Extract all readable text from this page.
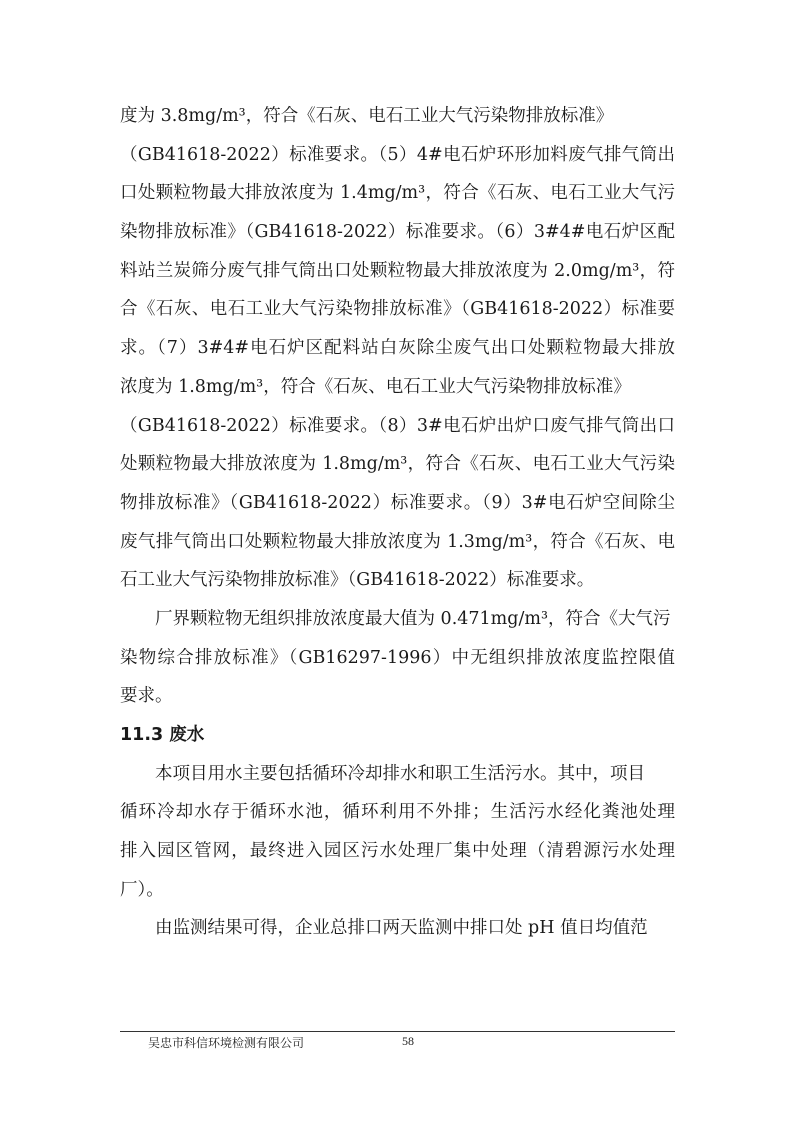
度为 3.8mg/m³，符合《石灰、电石工业大气污染物排放标准》
（GB41618-2022）标准要求。（5）4#电石炉环形加料废气排气筒出
口处颗粒物最大排放浓度为 1.4mg/m³，符合《石灰、电石工业大气污
染物排放标准》（GB41618-2022）标准要求。（6）3#4#电石炉区配
料站兰炭筛分废气排气筒出口处颗粒物最大排放浓度为 2.0mg/m³，符
合《石灰、电石工业大气污染物排放标准》（GB41618-2022）标准要
求。（7）3#4#电石炉区配料站白灰除尘废气出口处颗粒物最大排放
浓度为 1.8mg/m³，符合《石灰、电石工业大气污染物排放标准》
（GB41618-2022）标准要求。（8）3#电石炉出炉口废气排气筒出口
处颗粒物最大排放浓度为 1.8mg/m³，符合《石灰、电石工业大气污染
物排放标准》（GB41618-2022）标准要求。（9）3#电石炉空间除尘
废气排气筒出口处颗粒物最大排放浓度为 1.3mg/m³，符合《石灰、电
石工业大气污染物排放标准》（GB41618-2022）标准要求。
厂界颗粒物无组织排放浓度最大值为 0.471mg/m³，符合《大气污
染物综合排放标准》（GB16297-1996）中无组织排放浓度监控限值
要求。
11.3 废水
本项目用水主要包括循环冷却排水和职工生活污水。其中，项目
循环冷却水存于循环水池，循环利用不外排；生活污水经化粪池处理
排入园区管网，最终进入园区污水处理厂集中处理（清碧源污水处理
厂）。
由监测结果可得，企业总排口两天监测中排口处 pH 值日均值范
吴忠市科信环境检测有限公司	58
